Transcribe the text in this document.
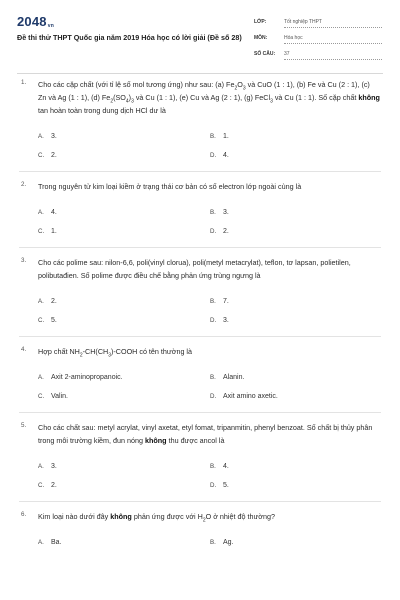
$2048_{vn}$
Đề thi thử THPT Quốc gia năm 2019 Hóa học có lời giải (Đề số 28)
LỚP:	Tốt nghiệp THPT
MÔN:	Hóa học
SỐ CÂU:	37
1. Cho các cặp chất (với tỉ lệ số mol tương ứng) như sau: (a) $Fe_2O_3$ và CuO (1 : 1), (b) Fe và Cu (2 : 1), (c) Zn và Ag (1 : 1), (d) $Fe_2(SO_4)_3$ và Cu (1 : 1), (e) Cu và Ag (2 : 1), (g) FeCl$_3$ và Cu (1 : 1). Số cặp chất không tan hoàn toàn trong dung dịch HCl dư là
A.	3.	B.	1.
C. 2.	D. 4.
2. Trong nguyên tử kim loại kiềm ở trạng thái cơ bản có số electron lớp ngoài cùng là
A.	4.	B.	3.
C. 1.	D. 2.
3. Cho các polime sau: nilon-6,6, poli(vinyl clorua), poli(metyl metacrylat), teflon, tơ lapsan, polietilen, polibutađien. Số polime được điều chế bằng phản ứng trùng ngưng là
A.	2.	B.	7.
C. 5.	D. 3.
4. Hợp chất $NH_2-CH(CH_3)$-COOH có tên thường là
A.	Axit 2-aminopropanoic.	B.	Alanin.
C. Valin.	D. Axit amino axetic.
5. Cho các chất sau: metyl acrylat, vinyl axetat, etyl fomat, tripanmitin, phenyl benzoat. Số chất bị thủy phân trong môi trường kiềm, đun nóng không thu được ancol là
A.	3.	B.	4.
C. 2.	D. 5.
6. Kim loại nào dưới đây không phản ứng được với $H_2O$ ở nhiệt độ thường?
A.	Ba.	B.	Ag.
